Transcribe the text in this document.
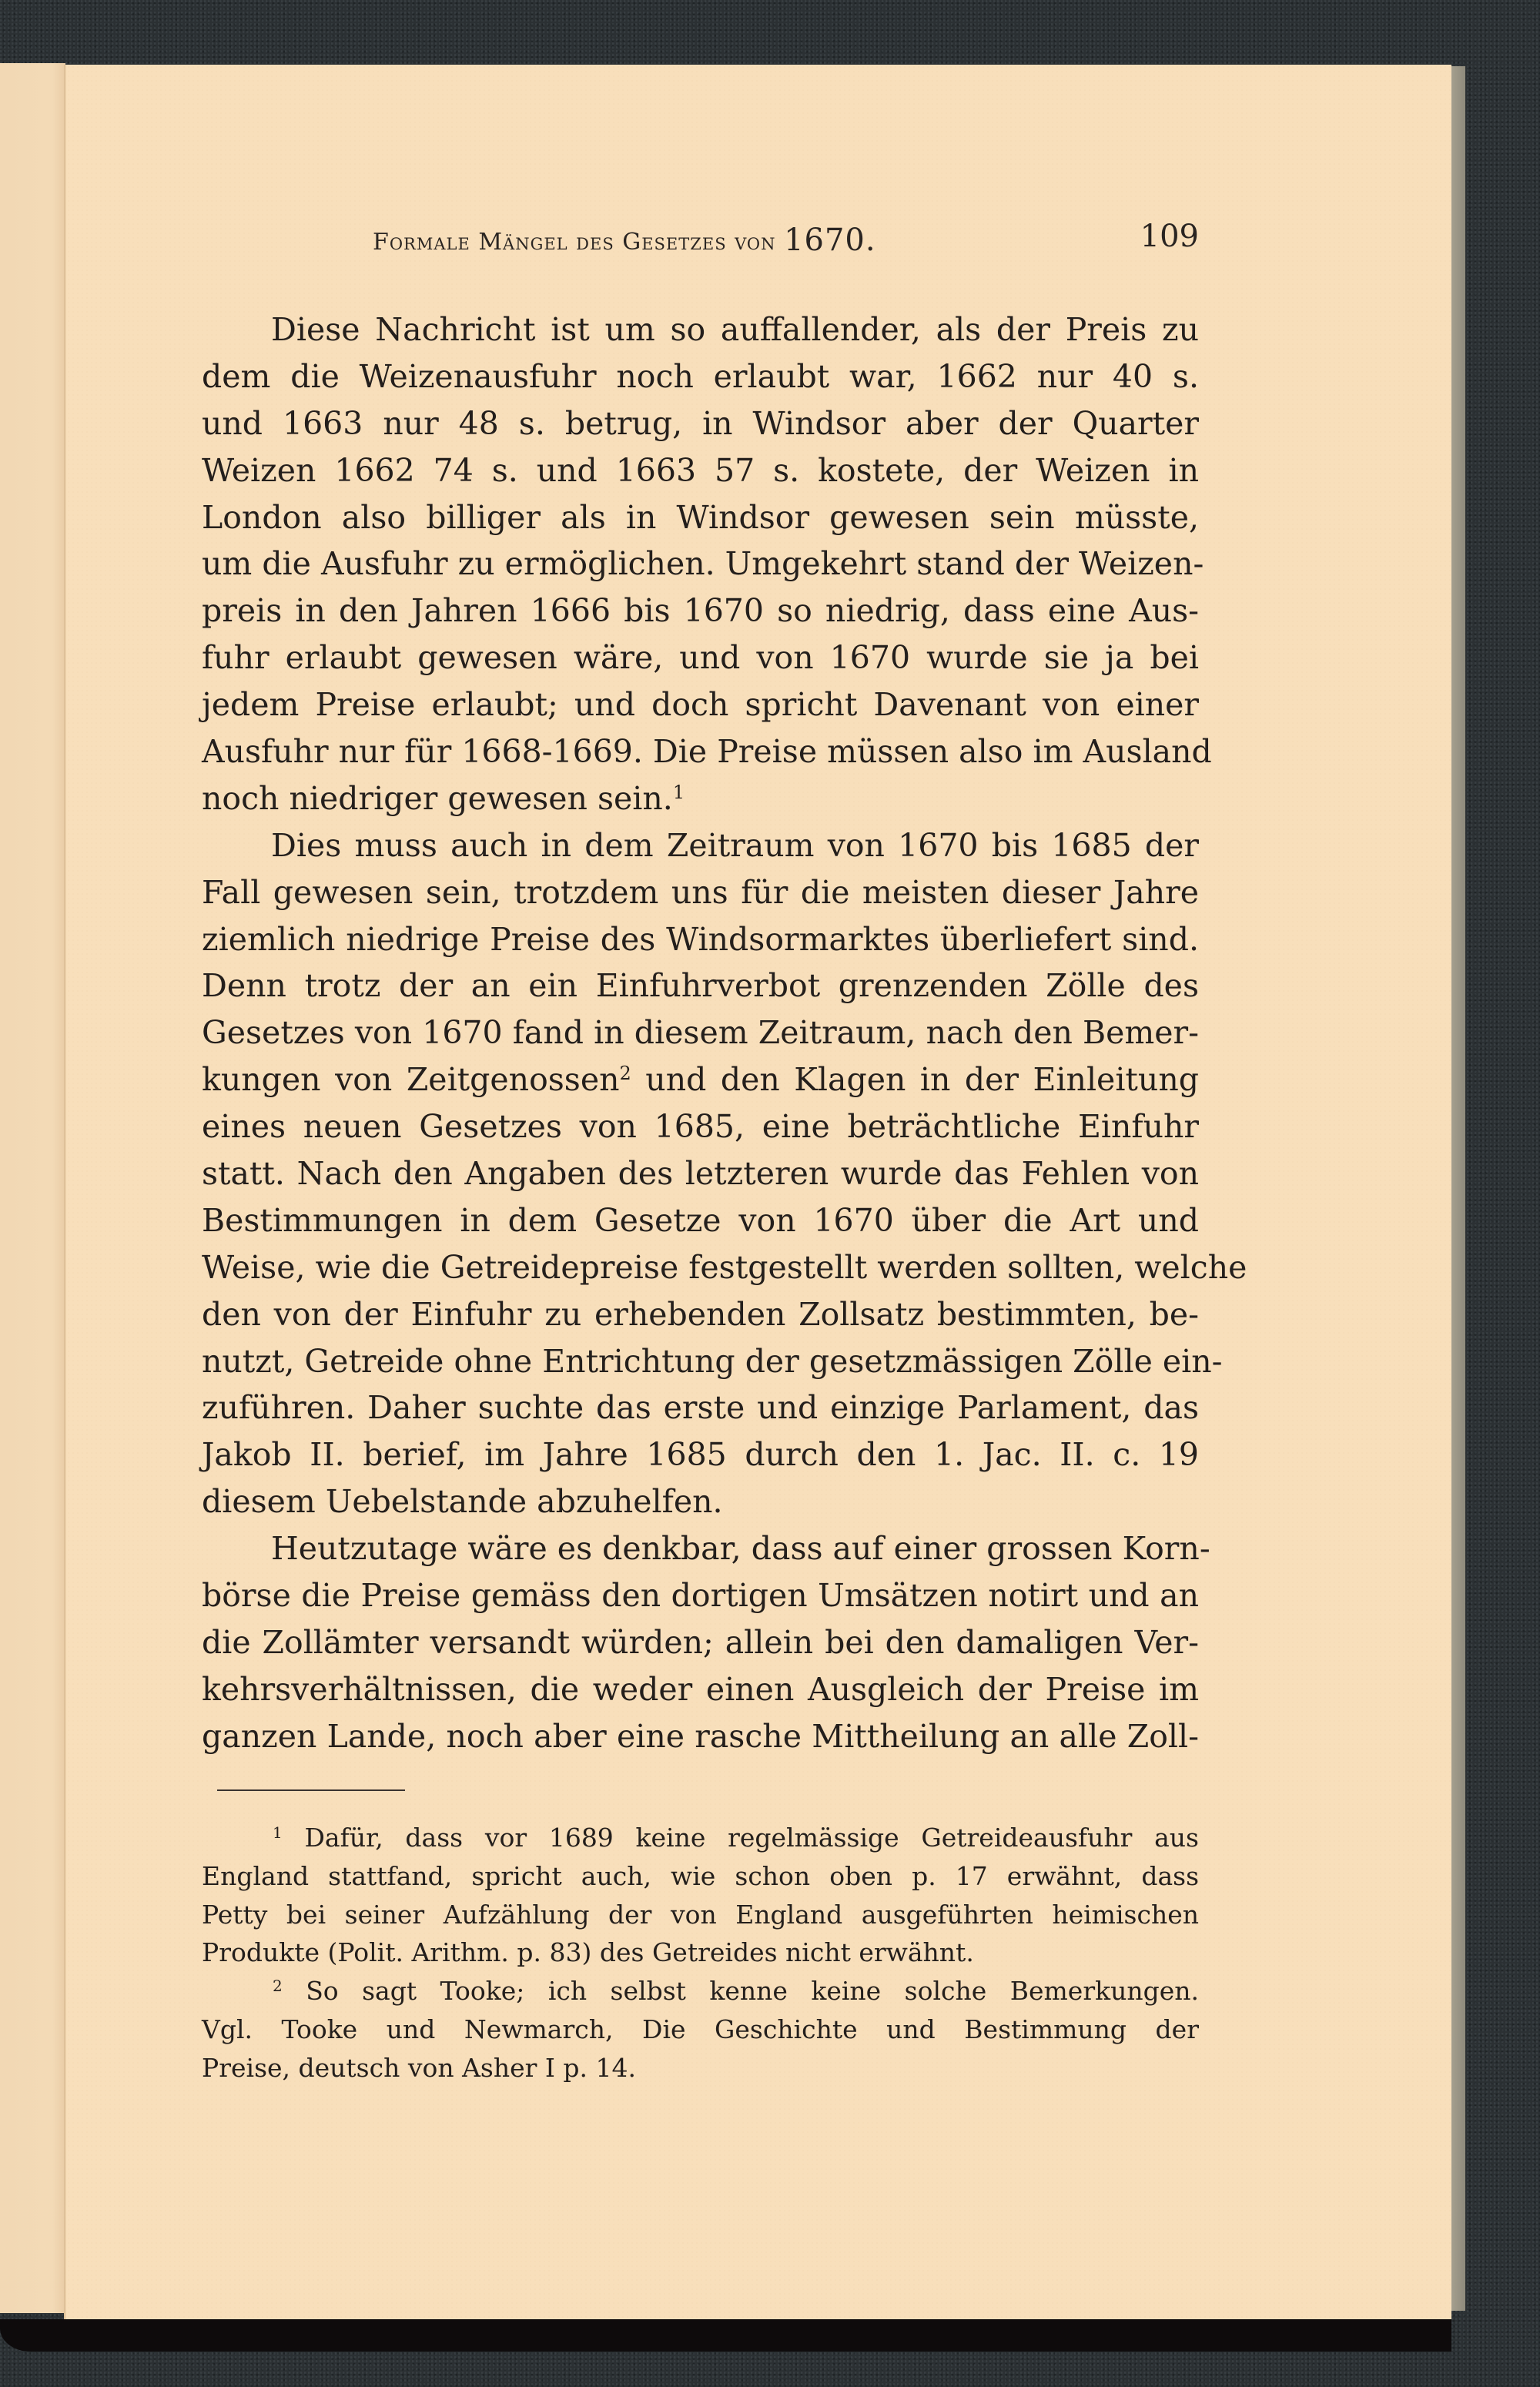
Formale Mängel des Gesetzes von 1670.	109
Diese Nachricht ist um so auffallender, als der Preis zu
dem die Weizenausfuhr noch erlaubt war, 1662 nur 40 s.
und 1663 nur 48 s. betrug, in Windsor aber der Quarter
Weizen 1662 74 s. und 1663 57 s. kostete, der Weizen in
London also billiger als in Windsor gewesen sein müsste,
um die Ausfuhr zu ermöglichen. Umgekehrt stand der Weizen-
preis in den Jahren 1666 bis 1670 so niedrig, dass eine Aus-
fuhr erlaubt gewesen wäre, und von 1670 wurde sie ja bei
jedem Preise erlaubt; und doch spricht Davenant von einer
Ausfuhr nur für 1668-1669. Die Preise müssen also im Ausland
noch niedriger gewesen sein.$^1$
Dies muss auch in dem Zeitraum von 1670 bis 1685 der
Fall gewesen sein, trotzdem uns für die meisten dieser Jahre
ziemlich niedrige Preise des Windsormarktes überliefert sind.
Denn trotz der an ein Einfuhrverbot grenzenden Zölle des
Gesetzes von 1670 fand in diesem Zeitraum, nach den Bemer-
kungen von Zeitgenossen$^2$ und den Klagen in der Einleitung
eines neuen Gesetzes von 1685, eine beträchtliche Einfuhr
statt. Nach den Angaben des letzteren wurde das Fehlen von
Bestimmungen in dem Gesetze von 1670 über die Art und
Weise, wie die Getreidepreise festgestellt werden sollten, welche
den von der Einfuhr zu erhebenden Zollsatz bestimmten, be-
nutzt, Getreide ohne Entrichtung der gesetzmässigen Zölle ein-
zuführen. Daher suchte das erste und einzige Parlament, das
Jakob II. berief, im Jahre 1685 durch den 1. Jac. II. c. 19
diesem Uebelstande abzuhelfen.
Heutzutage wäre es denkbar, dass auf einer grossen Korn-
börse die Preise gemäss den dortigen Umsätzen notirt und an
die Zollämter versandt würden; allein bei den damaligen Ver-
kehrsverhältnissen, die weder einen Ausgleich der Preise im
ganzen Lande, noch aber eine rasche Mittheilung an alle Zoll-
$^1$ Dafür, dass vor 1689 keine regelmässige Getreideausfuhr aus
England stattfand, spricht auch, wie schon oben p. 17 erwähnt, dass
Petty bei seiner Aufzählung der von England ausgeführten heimischen
Produkte (Polit. Arithm. p. 83) des Getreides nicht erwähnt.
$^2$ So sagt Tooke; ich selbst kenne keine solche Bemerkungen.
Vgl. Tooke und Newmarch, Die Geschichte und Bestimmung der
Preise, deutsch von Asher I p. 14.
